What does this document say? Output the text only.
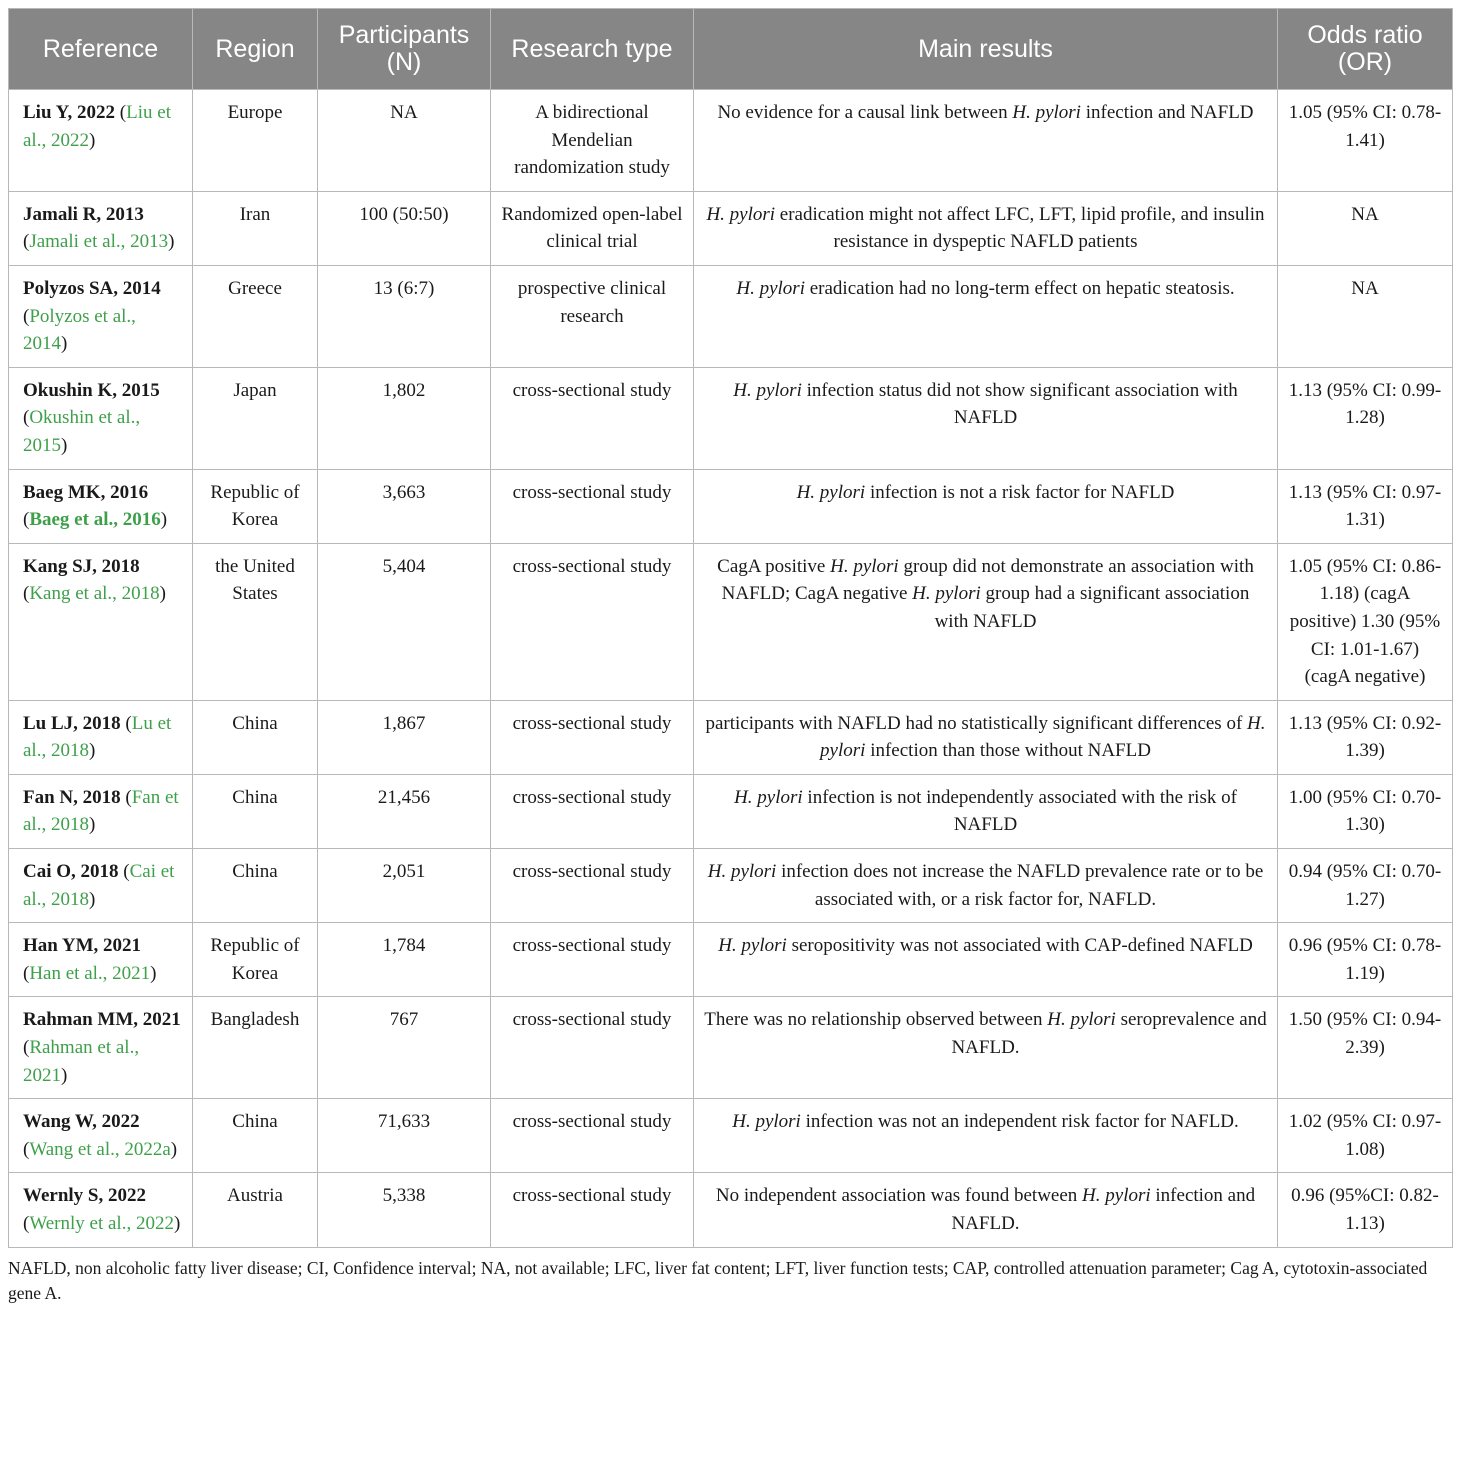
Reference	Region	Participants (N)	Research type	Main results	Odds ratio (OR)
Liu Y, 2022 (Liu et al., 2022)	Europe	NA	A bidirectional Mendelian randomization study	No evidence for a causal link between H. pylori infection and NAFLD	1.05 (95% CI: 0.78-1.41)
Jamali R, 2013 (Jamali et al., 2013)	Iran	100 (50:50)	Randomized open-label clinical trial	H. pylori eradication might not affect LFC, LFT, lipid profile, and insulin resistance in dyspeptic NAFLD patients	NA
Polyzos SA, 2014 (Polyzos et al., 2014)	Greece	13 (6:7)	prospective clinical research	H. pylori eradication had no long-term effect on hepatic steatosis.	NA
Okushin K, 2015 (Okushin et al., 2015)	Japan	1,802	cross-sectional study	H. pylori infection status did not show significant association with NAFLD	1.13 (95% CI: 0.99-1.28)
Baeg MK, 2016 (Baeg et al., 2016)	Republic of Korea	3,663	cross-sectional study	H. pylori infection is not a risk factor for NAFLD	1.13 (95% CI: 0.97-1.31)
Kang SJ, 2018 (Kang et al., 2018)	the United States	5,404	cross-sectional study	CagA positive H. pylori group did not demonstrate an association with NAFLD; CagA negative H. pylori group had a significant association with NAFLD	1.05 (95% CI: 0.86-1.18) (cagA positive) 1.30 (95% CI: 1.01-1.67) (cagA negative)
Lu LJ, 2018 (Lu et al., 2018)	China	1,867	cross-sectional study	participants with NAFLD had no statistically significant differences of H. pylori infection than those without NAFLD	1.13 (95% CI: 0.92-1.39)
Fan N, 2018 (Fan et al., 2018)	China	21,456	cross-sectional study	H. pylori infection is not independently associated with the risk of NAFLD	1.00 (95% CI: 0.70-1.30)
Cai O, 2018 (Cai et al., 2018)	China	2,051	cross-sectional study	H. pylori infection does not increase the NAFLD prevalence rate or to be associated with, or a risk factor for, NAFLD.	0.94 (95% CI: 0.70-1.27)
Han YM, 2021 (Han et al., 2021)	Republic of Korea	1,784	cross-sectional study	H. pylori seropositivity was not associated with CAP-defined NAFLD	0.96 (95% CI: 0.78-1.19)
Rahman MM, 2021 (Rahman et al., 2021)	Bangladesh	767	cross-sectional study	There was no relationship observed between H. pylori seroprevalence and NAFLD.	1.50 (95% CI: 0.94- 2.39)
Wang W, 2022 (Wang et al., 2022a)	China	71,633	cross-sectional study	H. pylori infection was not an independent risk factor for NAFLD.	1.02 (95% CI: 0.97-1.08)
Wernly S, 2022 (Wernly et al., 2022)	Austria	5,338	cross-sectional study	No independent association was found between H. pylori infection and NAFLD.	0.96 (95%CI: 0.82-1.13)
NAFLD, non alcoholic fatty liver disease; CI, Confidence interval; NA, not available; LFC, liver fat content; LFT, liver function tests; CAP, controlled attenuation parameter; Cag A, cytotoxin-associated gene A.
